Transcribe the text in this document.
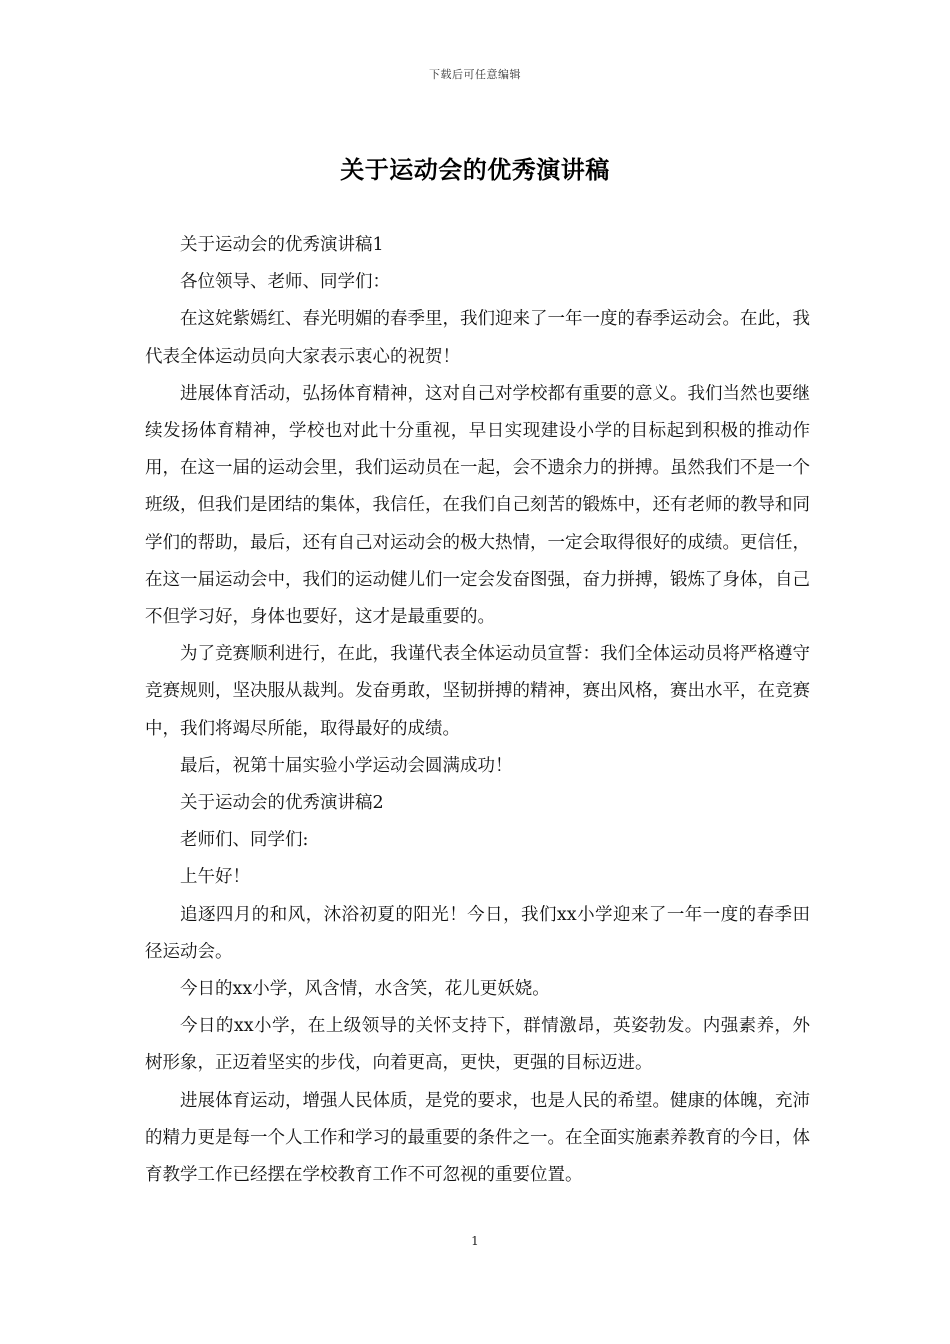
下载后可任意编辑
关于运动会的优秀演讲稿

关于运动会的优秀演讲稿1

各位领导、老师、同学们：

在这姹紫嫣红、春光明媚的春季里，我们迎来了一年一度的春季运动会。在此，我代表全体运动员向大家表示衷心的祝贺！

进展体育活动，弘扬体育精神，这对自己对学校都有重要的意义。我们当然也要继续发扬体育精神，学校也对此十分重视，早日实现建设小学的目标起到积极的推动作用，在这一届的运动会里，我们运动员在一起，会不遗余力的拼搏。虽然我们不是一个班级，但我们是团结的集体，我信任，在我们自己刻苦的锻炼中，还有老师的教导和同学们的帮助，最后，还有自己对运动会的极大热情，一定会取得很好的成绩。更信任，在这一届运动会中，我们的运动健儿们一定会发奋图强，奋力拼搏，锻炼了身体，自己不但学习好，身体也要好，这才是最重要的。

为了竞赛顺利进行，在此，我谨代表全体运动员宣誓：我们全体运动员将严格遵守竞赛规则，坚决服从裁判。发奋勇敢，坚韧拼搏的精神，赛出风格，赛出水平，在竞赛中，我们将竭尽所能，取得最好的成绩。

最后，祝第十届实验小学运动会圆满成功！

关于运动会的优秀演讲稿2

老师们、同学们:

上午好！

追逐四月的和风，沐浴初夏的阳光！今日，我们xx小学迎来了一年一度的春季田径运动会。

今日的xx小学，风含情，水含笑，花儿更妖娆。

今日的xx小学，在上级领导的关怀支持下，群情激昂，英姿勃发。内强素养，外树形象，正迈着坚实的步伐，向着更高，更快，更强的目标迈进。

进展体育运动，增强人民体质，是党的要求，也是人民的希望。健康的体魄，充沛的精力更是每一个人工作和学习的最重要的条件之一。在全面实施素养教育的今日，体育教学工作已经摆在学校教育工作不可忽视的重要位置。

1
